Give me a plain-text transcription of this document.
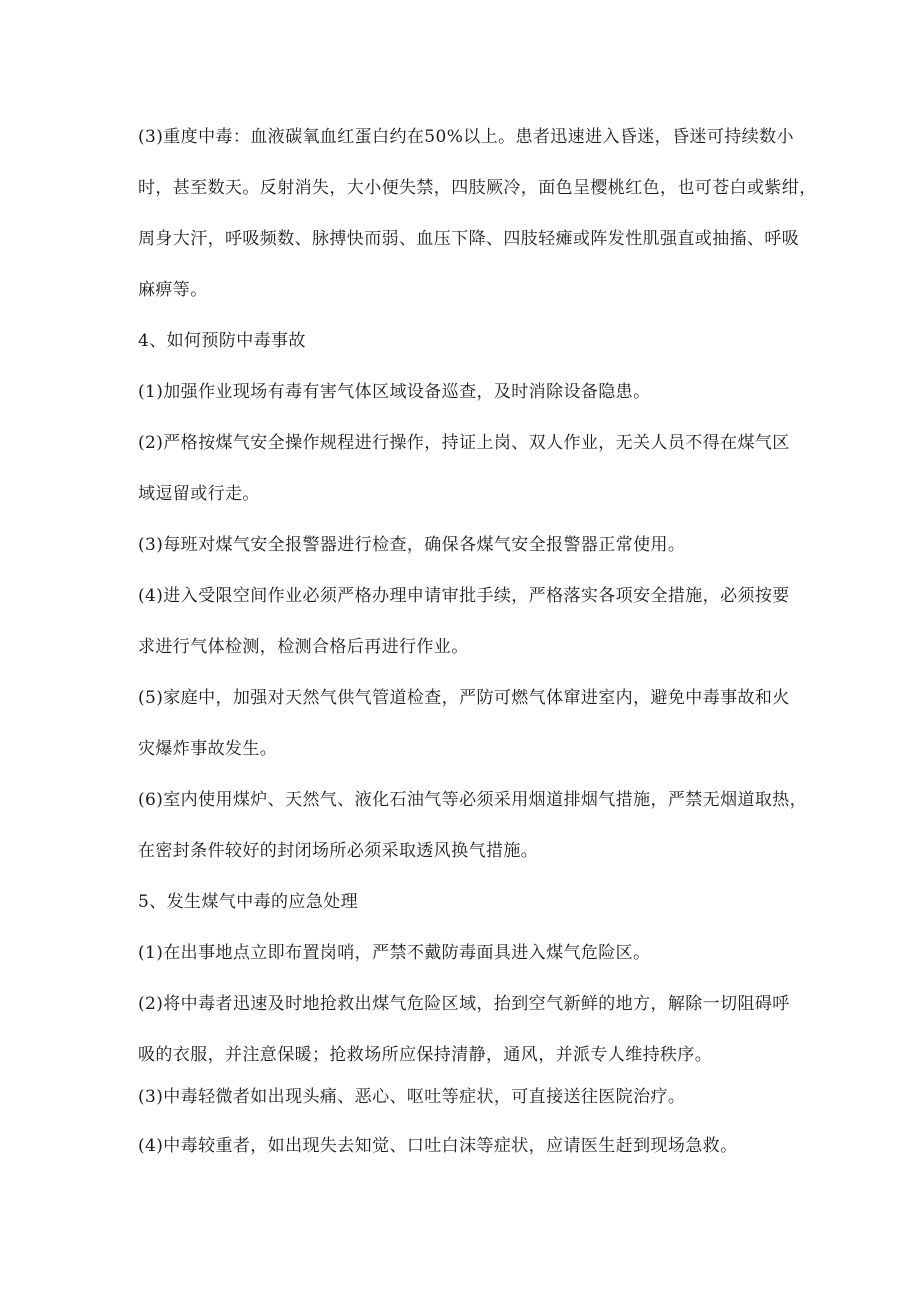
(3)重度中毒：血液碳氧血红蛋白约在50%以上。患者迅速进入昏迷，昏迷可持续数小
时，甚至数天。反射消失，大小便失禁，四肢厥冷，面色呈樱桃红色，也可苍白或紫绀，
周身大汗，呼吸频数、脉搏快而弱、血压下降、四肢轻瘫或阵发性肌强直或抽搐、呼吸
麻痹等。
4、如何预防中毒事故
(1)加强作业现场有毒有害气体区域设备巡查，及时消除设备隐患。
(2)严格按煤气安全操作规程进行操作，持证上岗、双人作业，无关人员不得在煤气区
域逗留或行走。
(3)每班对煤气安全报警器进行检查，确保各煤气安全报警器正常使用。
(4)进入受限空间作业必须严格办理申请审批手续，严格落实各项安全措施，必须按要
求进行气体检测，检测合格后再进行作业。
(5)家庭中，加强对天然气供气管道检查，严防可燃气体窜进室内，避免中毒事故和火
灾爆炸事故发生。
(6)室内使用煤炉、天然气、液化石油气等必须采用烟道排烟气措施，严禁无烟道取热，
在密封条件较好的封闭场所必须采取透风换气措施。
5、发生煤气中毒的应急处理
(1)在出事地点立即布置岗哨，严禁不戴防毒面具进入煤气危险区。
(2)将中毒者迅速及时地抢救出煤气危险区域，抬到空气新鲜的地方，解除一切阻碍呼
吸的衣服，并注意保暖；抢救场所应保持清静，通风，并派专人维持秩序。
(3)中毒轻微者如出现头痛、恶心、呕吐等症状，可直接送往医院治疗。
(4)中毒较重者，如出现失去知觉、口吐白沫等症状，应请医生赶到现场急救。
